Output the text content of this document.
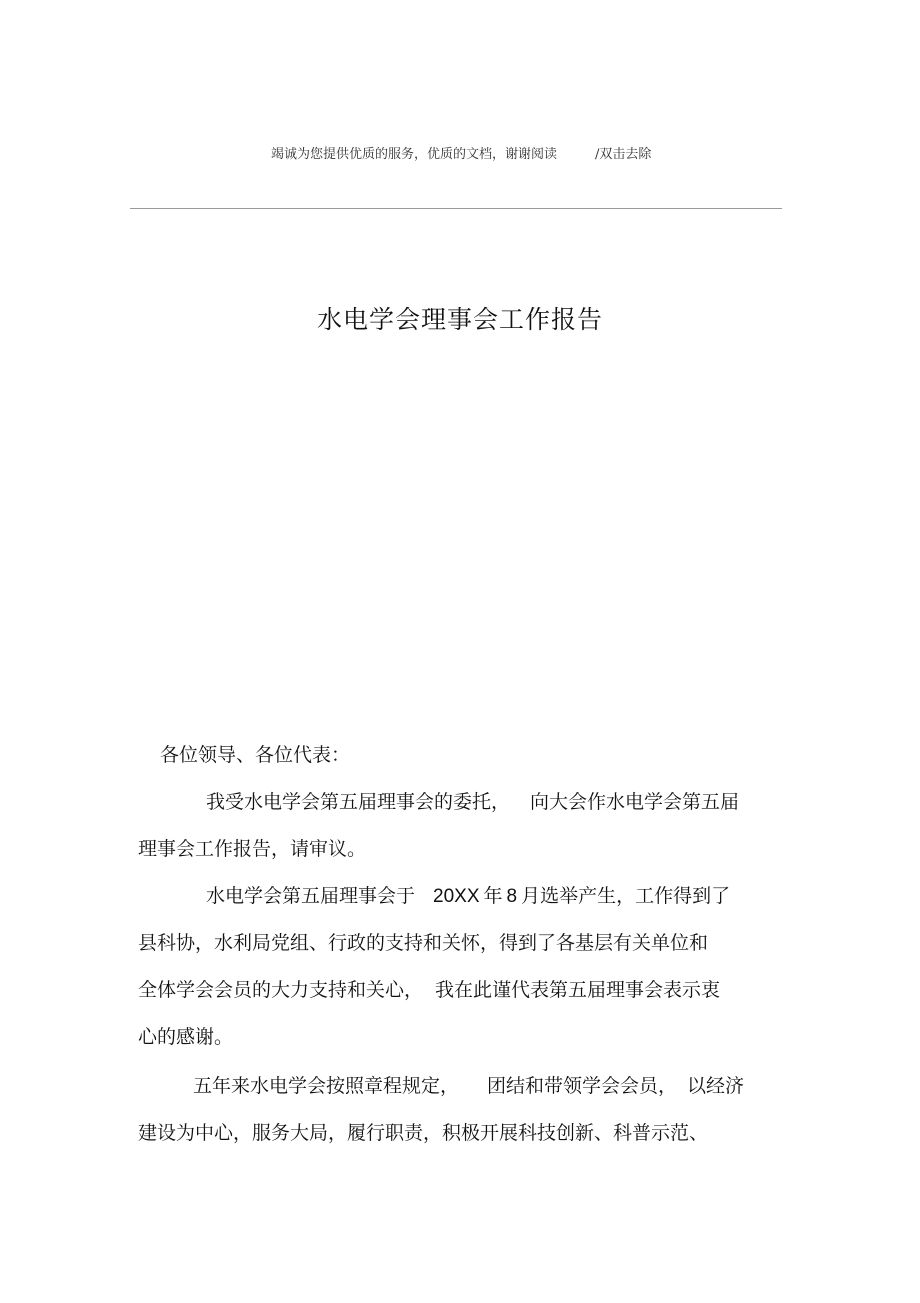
竭诚为您提供优质的服务，优质的文档，谢谢阅读	/双击去除
水电学会理事会工作报告
各位领导、各位代表：
我受水电学会第五届理事会的委托， 向大会作水电学会第五届
理事会工作报告，请审议。
水电学会第五届理事会于 20XX 年 8 月选举产生，工作得到了
县科协，水利局党组、行政的支持和关怀，得到了各基层有关单位和
全体学会会员的大力支持和关心， 我在此谨代表第五届理事会表示衷
心的感谢。
五年来水电学会按照章程规定， 团结和带领学会会员， 以经济
建设为中心，服务大局，履行职责，积极开展科技创新、科普示范、
